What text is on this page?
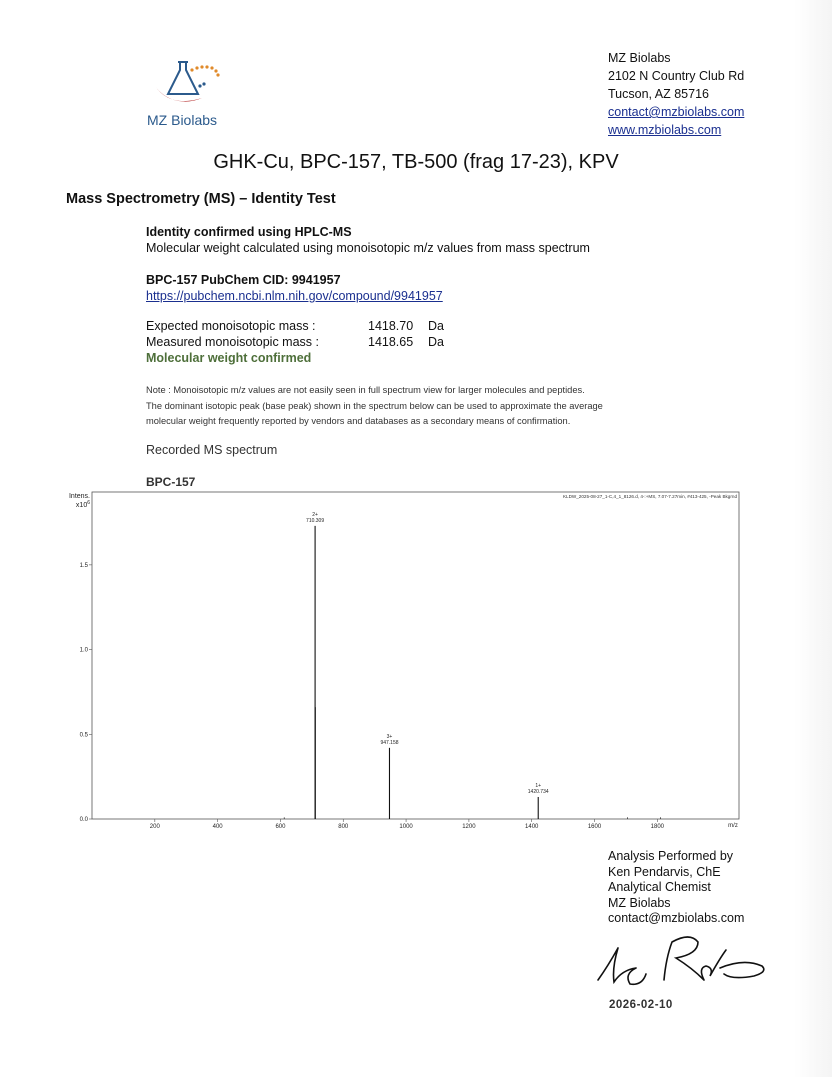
MZ Biolabs
MZ Biolabs
2102 N Country Club Rd
Tucson, AZ 85716
contact@mzbiolabs.com
www.mzbiolabs.com
GHK-Cu, BPC-157, TB-500 (frag 17-23), KPV
Mass Spectrometry (MS) – Identity Test
Identity confirmed using HPLC-MS
Molecular weight calculated using monoisotopic m/z values from mass spectrum
BPC-157 PubChem CID: 9941957
https://pubchem.ncbi.nlm.nih.gov/compound/9941957
Expected monoisotopic mass :	1418.70	Da
Measured monoisotopic mass :	1418.65	Da
Molecular weight confirmed
Note : Monoisotopic m/z values are not easily seen in full spectrum view for larger molecules and peptides.
The dominant isotopic peak (base peak) shown in the spectrum below can be used to approximate the average
molecular weight frequently reported by vendors and databases as a secondary means of confirmation.
Recorded MS spectrum
BPC-157
Intens.
$x10^6$
KLDW_2025-08-27_1-C,4_1_8126.d, 4-:+MS, 7.07-7.27min, #413-425, -Peak Bkgrnd
0.0
0.5
1.0
1.5
200	400	600	800	1000	1200	1400	1600	1800
2+
710.309
3+
947.158
1+
1420.734
m/z
Analysis Performed by
Ken Pendarvis, ChE
Analytical Chemist
MZ Biolabs
contact@mzbiolabs.com
2026-02-10
